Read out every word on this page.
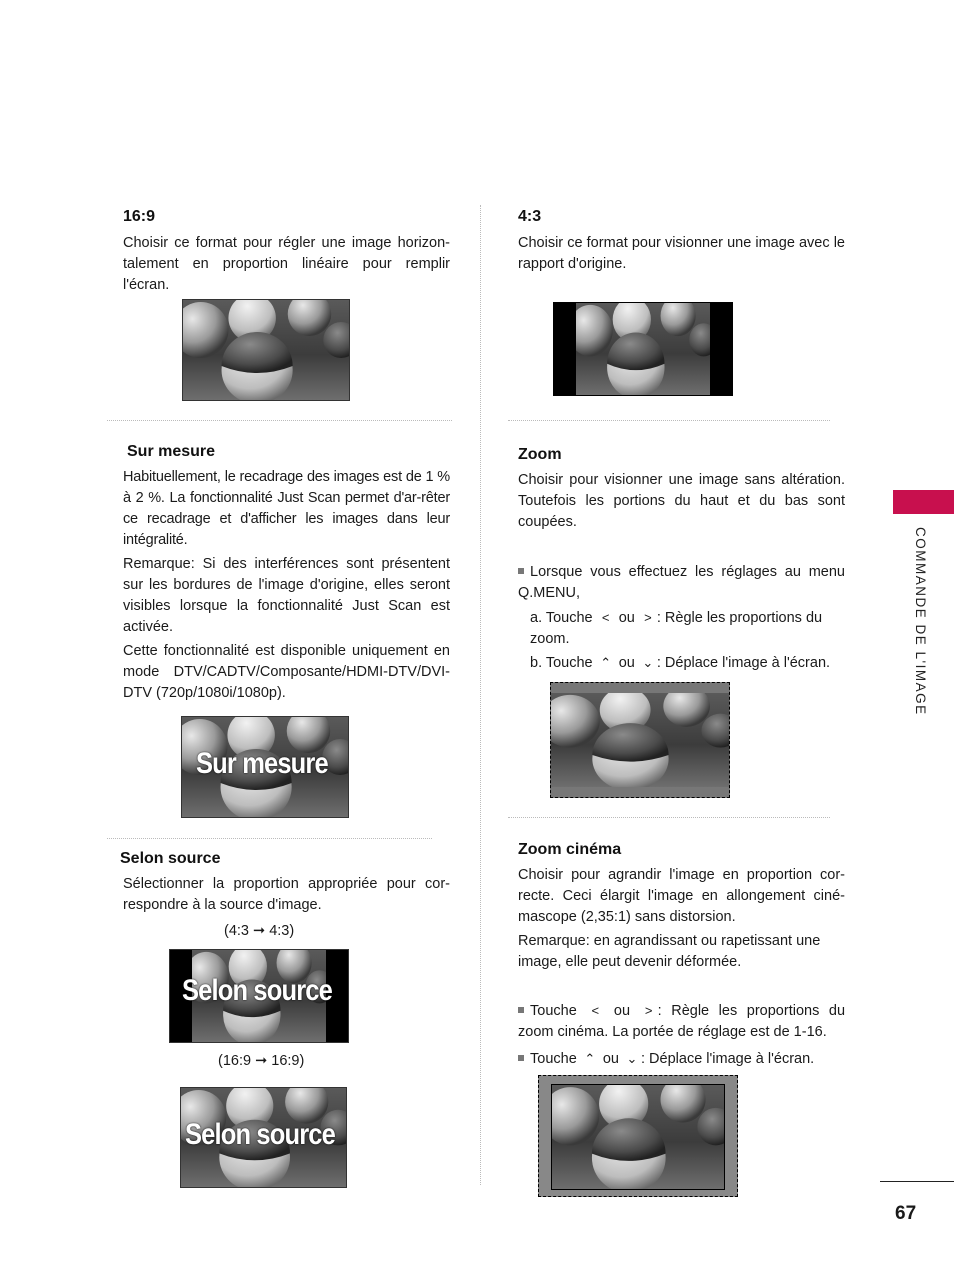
16:9

Choisir ce format pour régler une image horizon-talement en proportion linéaire pour remplir l'écran.

Sur mesure

Habituellement, le recadrage des images est de 1 % à 2 %. La fonctionnalité Just Scan permet d'ar-rêter ce recadrage et d'afficher les images dans leur intégralité.

Remarque: Si des interférences sont présentent sur les bordures de l'image d'origine, elles seront visibles lorsque la fonctionnalité Just Scan est activée.

Cette fonctionnalité est disponible uniquement en mode DTV/CADTV/Composante/HDMI-DTV/DVI-DTV (720p/1080i/1080p).

Sur mesure
Selon source

Sélectionner la proportion appropriée pour cor-respondre à la source d'image.

(4:3 ➞ 4:3)
Selon source
(16:9 ➞ 16:9)
Selon source
4:3

Choisir ce format pour visionner une image avec le rapport d'origine.

Zoom

Choisir pour visionner une image sans altération. Toutefois les portions du haut et du bas sont coupées.

Lorsque vous effectuez les réglages au menu Q.MENU,

a. Touche < ou > : Règle les proportions du zoom.

b. Touche ⌃ ou ⌄ : Déplace l'image à l'écran.

Zoom cinéma

Choisir pour agrandir l'image en proportion cor-recte. Ceci élargit l'image en allongement ciné-mascope (2,35:1) sans distorsion.

Remarque: en agrandissant ou rapetissant une image, elle peut devenir déformée.

Touche < ou > : Règle les proportions du zoom cinéma. La portée de réglage est de 1-16.

Touche ⌃ ou ⌄ : Déplace l'image à l'écran.

COMMANDE DE L'IMAGE
67
